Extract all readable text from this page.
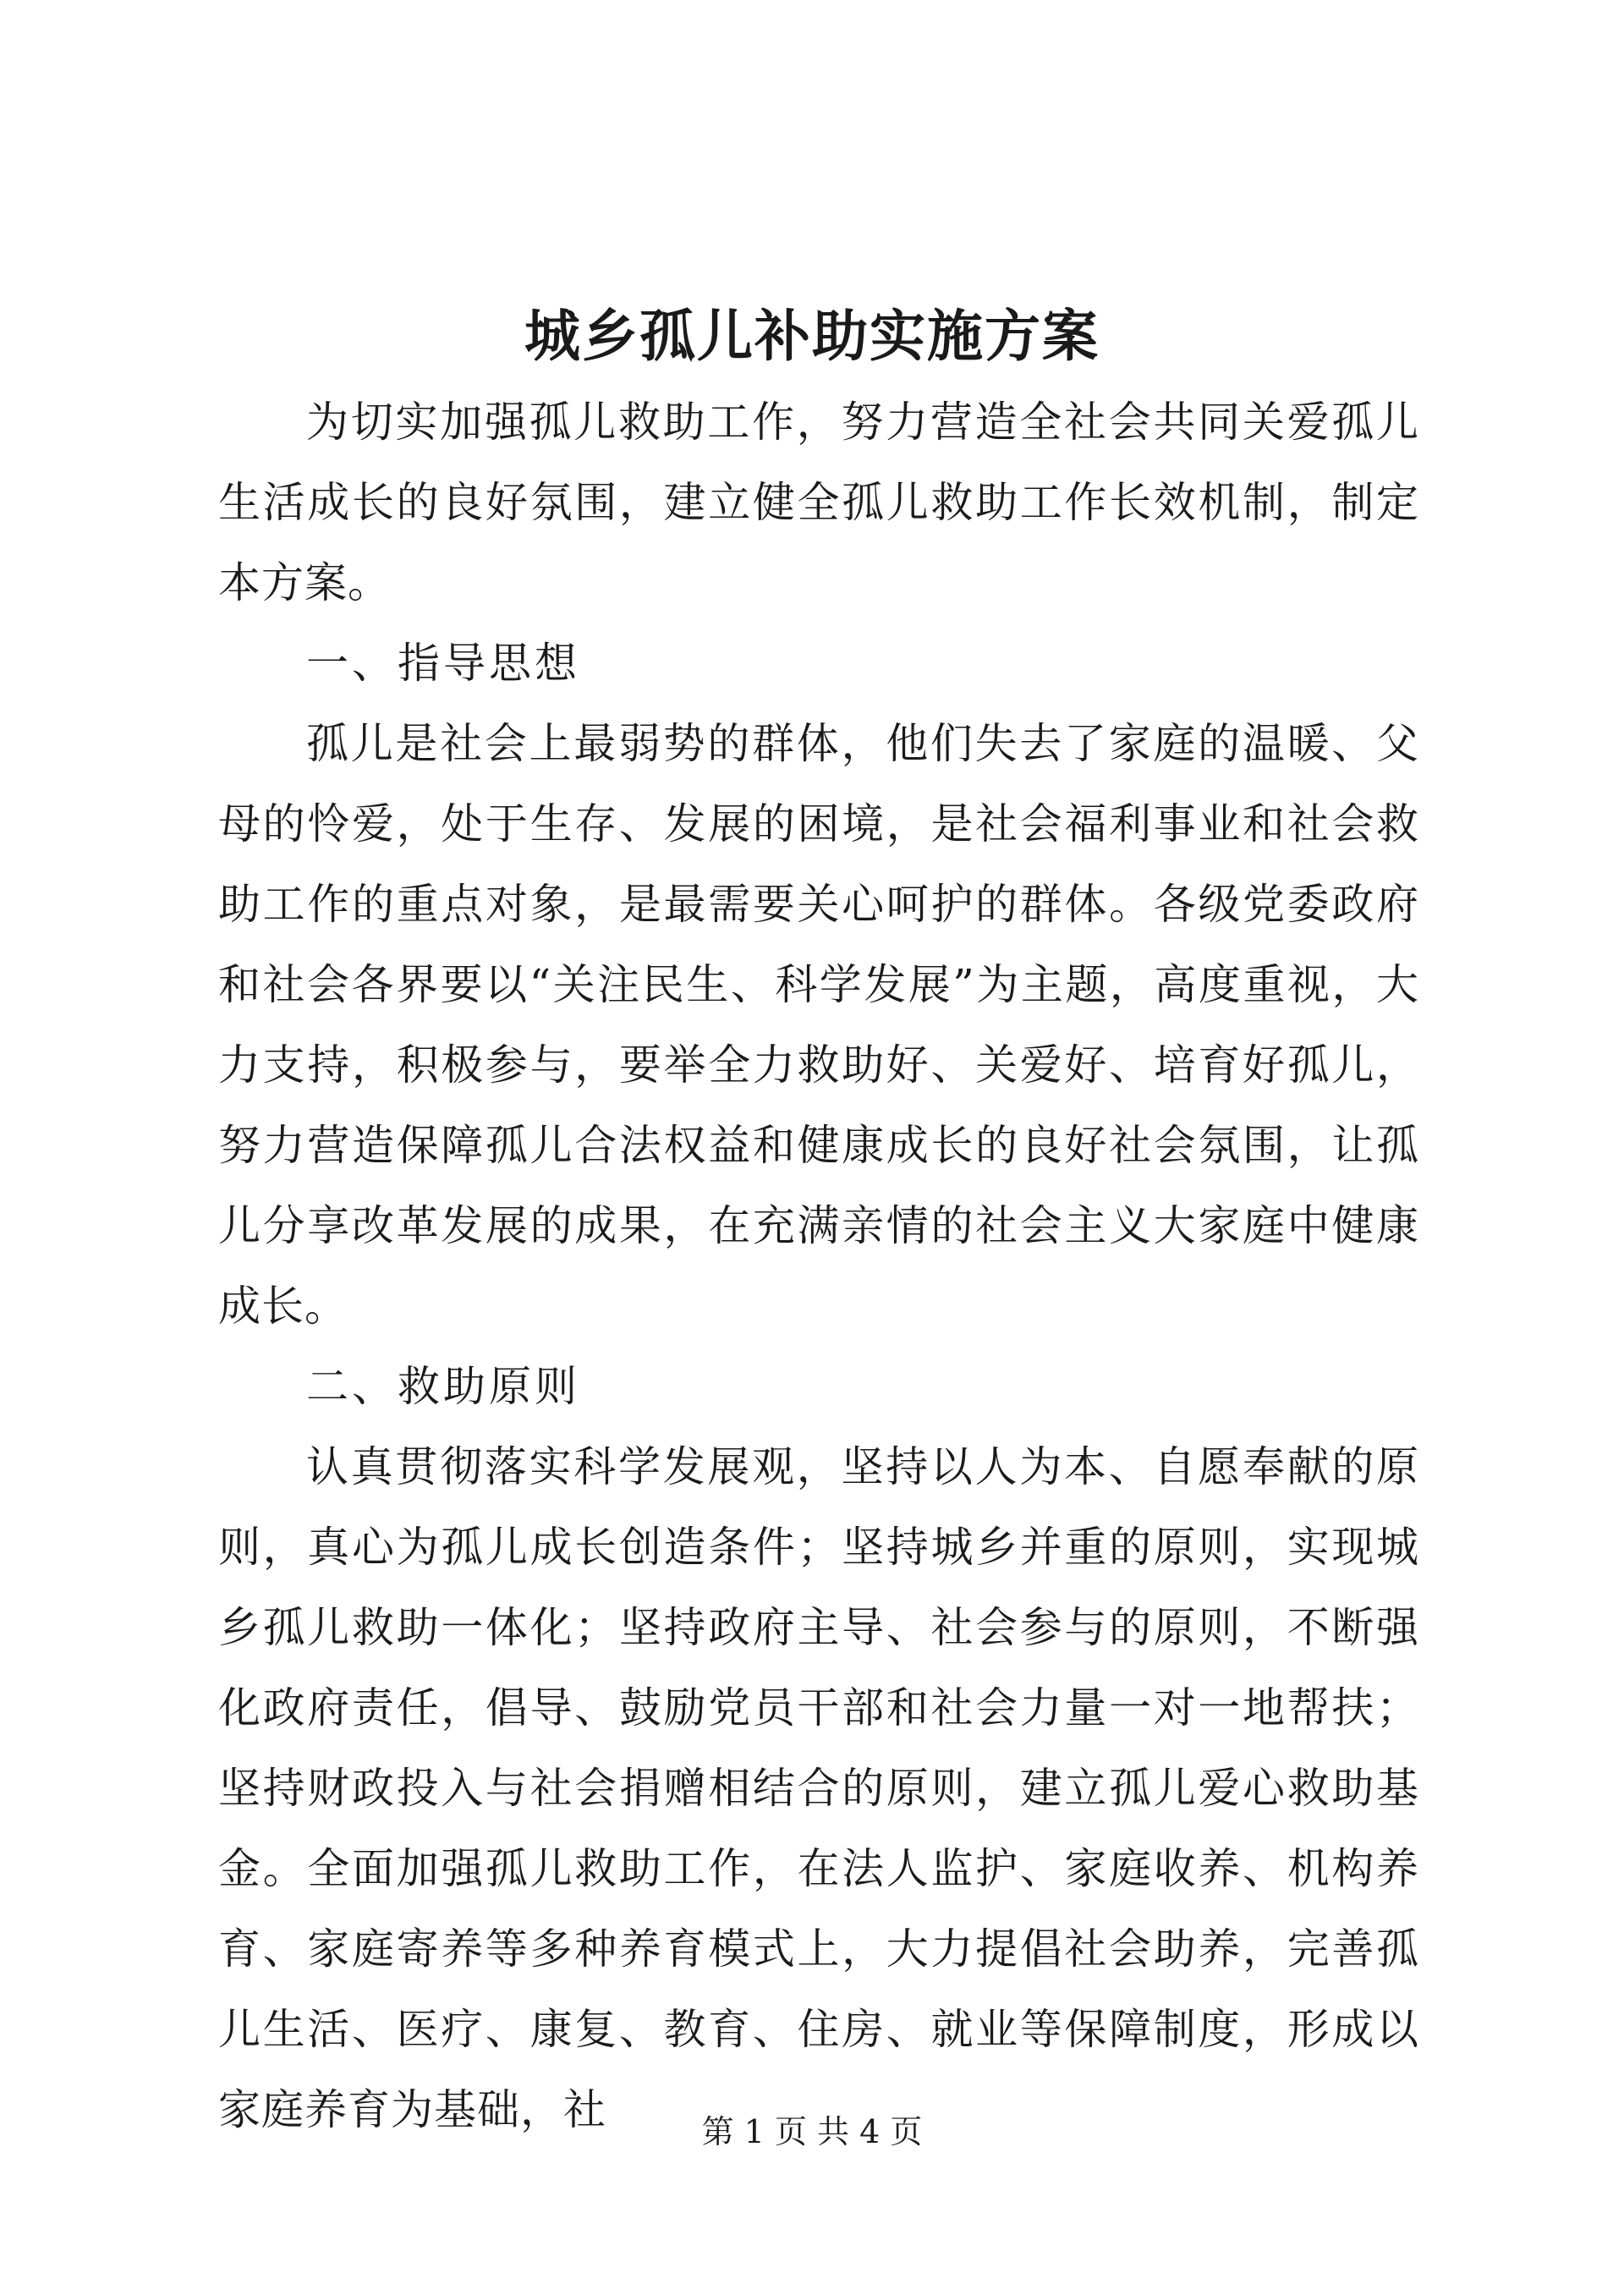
城乡孤儿补助实施方案

为切实加强孤儿救助工作，努力营造全社会共同关爱孤儿生活成长的良好氛围，建立健全孤儿救助工作长效机制，制定本方案。

一、指导思想

孤儿是社会上最弱势的群体，他们失去了家庭的温暖、父母的怜爱，处于生存、发展的困境，是社会福利事业和社会救助工作的重点对象，是最需要关心呵护的群体。各级党委政府和社会各界要以“关注民生、科学发展”为主题，高度重视，大力支持，积极参与，要举全力救助好、关爱好、培育好孤儿，努力营造保障孤儿合法权益和健康成长的良好社会氛围，让孤儿分享改革发展的成果，在充满亲情的社会主义大家庭中健康成长。

二、救助原则

认真贯彻落实科学发展观，坚持以人为本、自愿奉献的原则，真心为孤儿成长创造条件；坚持城乡并重的原则，实现城乡孤儿救助一体化；坚持政府主导、社会参与的原则，不断强化政府责任，倡导、鼓励党员干部和社会力量一对一地帮扶；坚持财政投入与社会捐赠相结合的原则，建立孤儿爱心救助基金。全面加强孤儿救助工作，在法人监护、家庭收养、机构养育、家庭寄养等多种养育模式上，大力提倡社会助养，完善孤儿生活、医疗、康复、教育、住房、就业等保障制度，形成以家庭养育为基础，社	第 1 页 共 4 页
